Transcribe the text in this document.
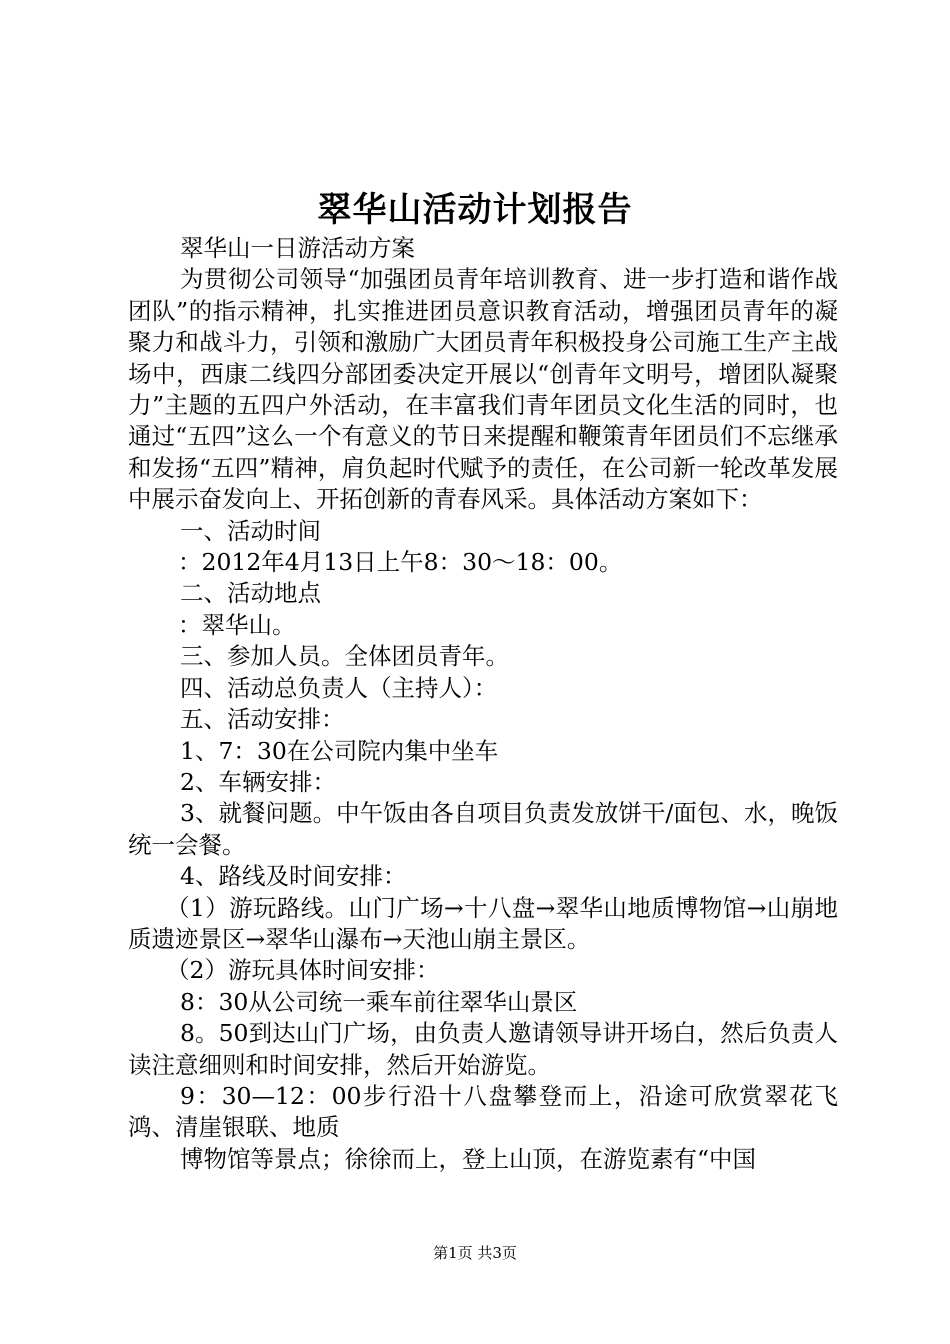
翠华山活动计划报告

翠华山一日游活动方案

为贯彻公司领导“加强团员青年培训教育、进一步打造和谐作战团队”的指示精神，扎实推进团员意识教育活动，增强团员青年的凝聚力和战斗力，引领和激励广大团员青年积极投身公司施工生产主战场中，西康二线四分部团委决定开展以“创青年文明号，增团队凝聚力”主题的五四户外活动，在丰富我们青年团员文化生活的同时，也通过“五四”这么一个有意义的节日来提醒和鞭策青年团员们不忘继承和发扬“五四”精神，肩负起时代赋予的责任，在公司新一轮改革发展中展示奋发向上、开拓创新的青春风采。具体活动方案如下：

一、活动时间

：2012年4月13日上午8：30～18：00。

二、活动地点

：翠华山。

三、参加人员。全体团员青年。

四、活动总负责人（主持人）：

五、活动安排：

1、7：30在公司院内集中坐车

2、车辆安排：

3、就餐问题。中午饭由各自项目负责发放饼干/面包、水，晚饭统一会餐。

4、路线及时间安排：

（1）游玩路线。山门广场→十八盘→翠华山地质博物馆→山崩地质遗迹景区→翠华山瀑布→天池山崩主景区。

（2）游玩具体时间安排：

8：30从公司统一乘车前往翠华山景区

8。50到达山门广场，由负责人邀请领导讲开场白，然后负责人读注意细则和时间安排，然后开始游览。

9：30—12：00步行沿十八盘攀登而上，沿途可欣赏翠花飞鸿、清崖银联、地质

博物馆等景点；徐徐而上，登上山顶，在游览素有“中国

第1页 共3页
